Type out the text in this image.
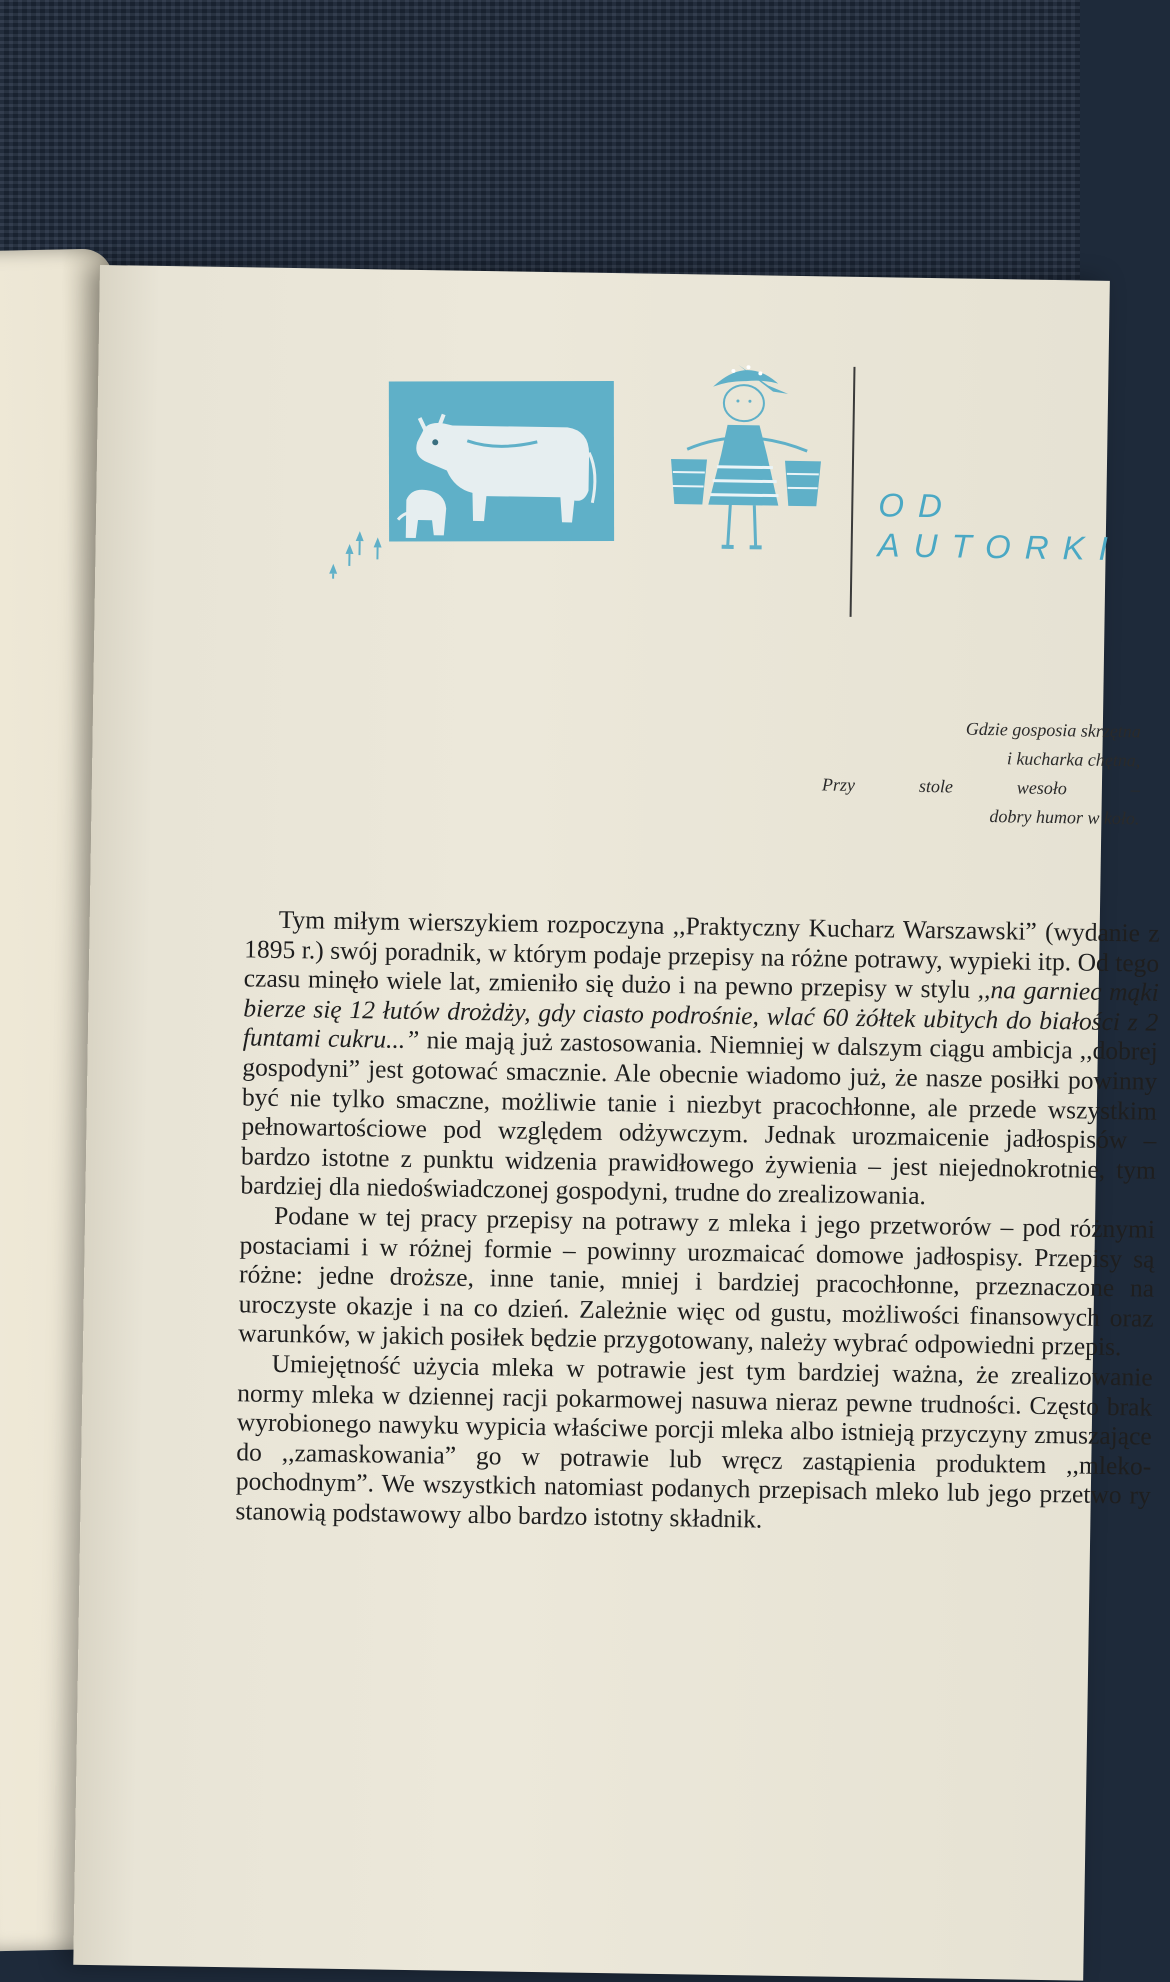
OD
AUTORKI
Gdzie gosposia skrzętna
i kucharka chętna,
Przy stole wesoło –
dobry humor w koło.

Tym miłym wierszykiem rozpoczyna ,,Praktyczny Kucharz Warszawski” (wydanie z 1895 r.) swój poradnik, w którym podaje przepisy na różne potrawy, wypieki itp. Od tego czasu minęło wiele lat, zmieniło się dużo i na pewno przepisy w stylu ,,na garniec mąki bierze się 12 łutów drożdży, gdy ciasto podrośnie, wlać 60 żółtek ubitych do białości z 2 funtami cukru...” nie mają już zastosowania. Niemniej w dalszym ciągu ambicja ,,dobrej gospodyni” jest gotować smacznie. Ale obecnie wiadomo już, że nasze posiłki powinny być nie tylko smaczne, możliwie tanie i niezbyt pracochłonne, ale przede wszystkim pełnowartościowe pod względem odżywczym. Jednak urozmaicenie jadłospisów – bardzo istotne z punktu widzenia prawidłowego żywienia – jest niejednokrotnie, tym bardziej dla niedoświadczonej gospodyni, trudne do zrealizowania.

Podane w tej pracy przepisy na potrawy z mleka i jego przetworów – pod różnymi postaciami i w różnej formie – powinny urozmaicać domowe jadłospisy. Przepisy są różne: jedne droższe, inne tanie, mniej i bardziej pracochłonne, przeznaczone na uroczyste okazje i na co dzień. Zależnie więc od gustu, możliwości finansowych oraz warunków, w jakich posiłek będzie przygotowany, należy wybrać odpowiedni przepis.

Umiejętność użycia mleka w potrawie jest tym bardziej ważna, że zrealizowanie normy mleka w dziennej racji pokarmowej nasuwa nieraz pewne trudności. Często brak wyrobionego nawyku wypicia właściwe porcji mleka albo istnieją przyczyny zmuszające do ,,zamaskowania” go w potrawie lub wręcz zastąpienia produktem ,,mleko-pochodnym”. We wszystkich natomiast podanych przepisach mleko lub jego przetwo ry stanowią podstawowy albo bardzo istotny składnik.
